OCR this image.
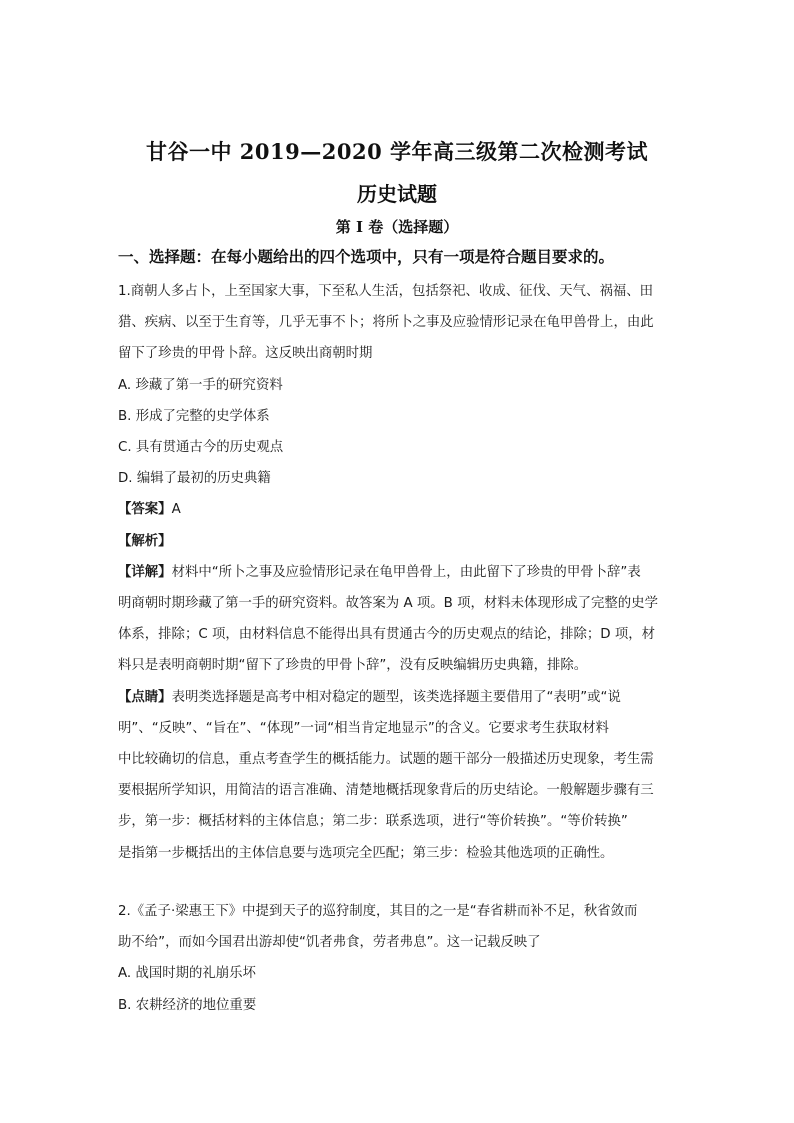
甘谷一中 2019—2020 学年高三级第二次检测考试
历史试题
第 I 卷（选择题）
一、选择题：在每小题给出的四个选项中，只有一项是符合题目要求的。
1.商朝人多占卜，上至国家大事，下至私人生活，包括祭祀、收成、征伐、天气、祸福、田
猎、疾病、以至于生育等，几乎无事不卜；将所卜之事及应验情形记录在龟甲兽骨上，由此
留下了珍贵的甲骨卜辞。这反映出商朝时期
A. 珍藏了第一手的研究资料
B. 形成了完整的史学体系
C. 具有贯通古今的历史观点
D. 编辑了最初的历史典籍
【答案】A
【解析】
【详解】材料中“所卜之事及应验情形记录在龟甲兽骨上，由此留下了珍贵的甲骨卜辞”表
明商朝时期珍藏了第一手的研究资料。故答案为 A 项。B 项，材料未体现形成了完整的史学
体系，排除；C 项，由材料信息不能得出具有贯通古今的历史观点的结论，排除；D 项，材
料只是表明商朝时期“留下了珍贵的甲骨卜辞”，没有反映编辑历史典籍，排除。
【点睛】表明类选择题是高考中相对稳定的题型，该类选择题主要借用了“表明”或“说
明”、“反映”、“旨在”、“体现”一词“相当肯定地显示”的含义。它要求考生获取材料
中比较确切的信息，重点考查学生的概括能力。试题的题干部分一般描述历史现象，考生需
要根据所学知识，用简洁的语言准确、清楚地概括现象背后的历史结论。一般解题步骤有三
步，第一步：概括材料的主体信息；第二步：联系选项，进行“等价转换”。“等价转换”
是指第一步概括出的主体信息要与选项完全匹配；第三步：检验其他选项的正确性。
2.《孟子·梁惠王下》中提到天子的巡狩制度，其目的之一是“春省耕而补不足，秋省敛而
助不给”，而如今国君出游却使“饥者弗食，劳者弗息”。这一记载反映了
A. 战国时期的礼崩乐坏
B. 农耕经济的地位重要
